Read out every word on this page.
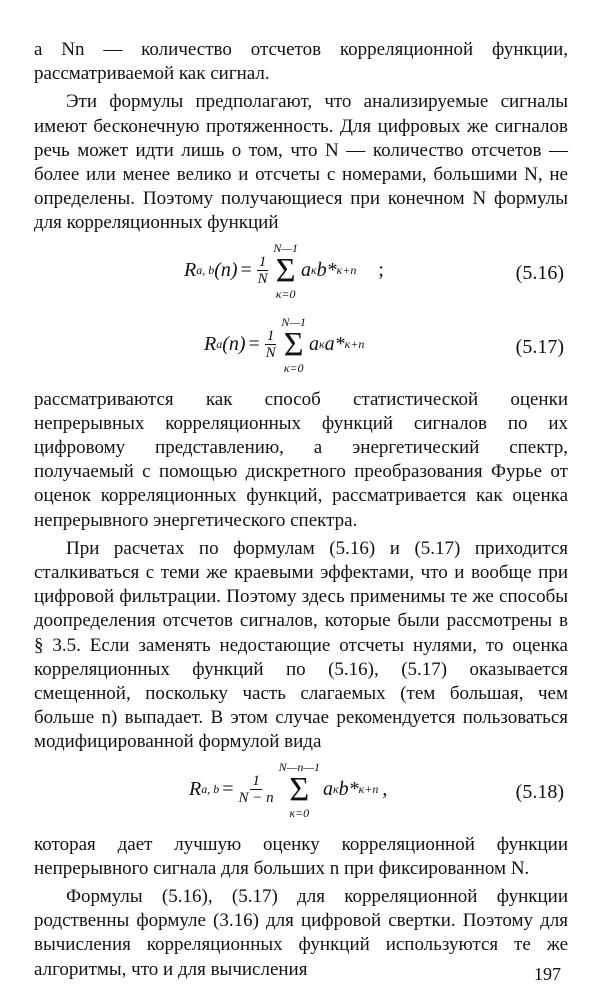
а Nn — количество отсчетов корреляционной функции, рассматриваемой как сигнал.

Эти формулы предполагают, что анализируемые сигналы имеют бесконечную протяженность. Для цифровых же сигналов речь может идти лишь о том, что N — количество отсчетов — более или менее велико и отсчеты с номерами, большими N, не определены. Поэтому получающиеся при конечном N формулы для корреляционных функций

R a, b $(n) = \frac{1}{N}$
N—1
Σ
к=0
a к b* к+n ;	(5.16)
R a $(n) = \frac{1}{N}$
N—1
Σ
к=0
a к a* к+n	(5.17)

рассматриваются как способ статистической оценки непрерывных корреляционных функций сигналов по их цифровому представлению, а энергетический спектр, получаемый с помощью дискретного преобразования Фурье от оценок корреляционных функций, рассматривается как оценка непрерывного энергетического спектра.

При расчетах по формулам (5.16) и (5.17) приходится сталкиваться с теми же краевыми эффектами, что и вообще при цифровой фильтрации. Поэтому здесь применимы те же способы доопределения отсчетов сигналов, которые были рассмотрены в § 3.5. Если заменять недостающие отсчеты нулями, то оценка корреляционных функций по (5.16), (5.17) оказывается смещенной, поскольку часть слагаемых (тем большая, чем больше n) выпадает. В этом случае рекомендуется пользоваться модифицированной формулой вида

R a, $b = \frac{1}{N - n}$
N—n—1
Σ
к=0
a к b* к+n ,	(5.18)

которая дает лучшую оценку корреляционной функции непрерывного сигнала для больших n при фиксированном N.

Формулы (5.16), (5.17) для корреляционной функции родственны формуле (3.16) для цифровой свертки. Поэтому для вычисления корреляционных функций используются те же алгоритмы, что и для вычисления	197
